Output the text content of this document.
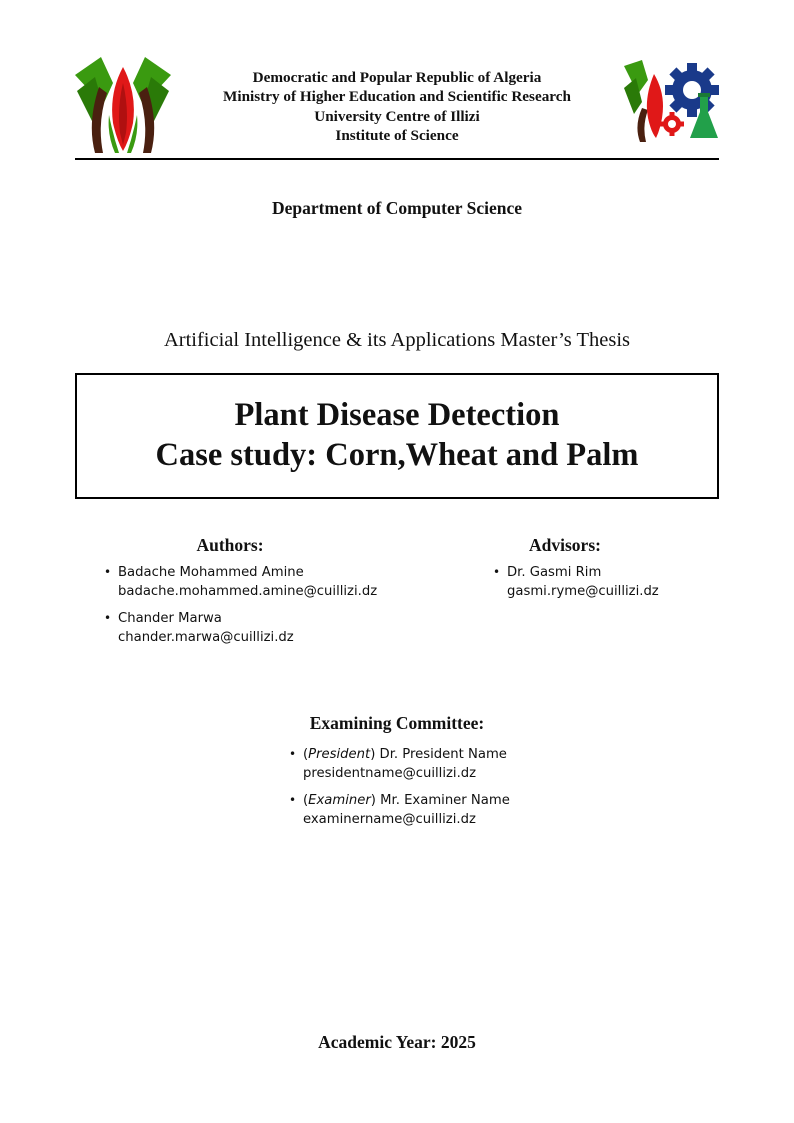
Democratic and Popular Republic of Algeria
Ministry of Higher Education and Scientific Research
University Centre of Illizi
Institute of Science
Department of Computer Science
Artificial Intelligence & its Applications Master’s Thesis
Plant Disease Detection
Case study: Corn,Wheat and Palm
Authors:
• Badache Mohammed Amine
badache.mohammed.amine@cuillizi.dz
• Chander Marwa
chander.marwa@cuillizi.dz
Advisors:
• Dr. Gasmi Rim
gasmi.ryme@cuillizi.dz
Examining Committee:
• (President) Dr. President Name
presidentname@cuillizi.dz
• (Examiner) Mr. Examiner Name
examinername@cuillizi.dz
Academic Year: 2025
